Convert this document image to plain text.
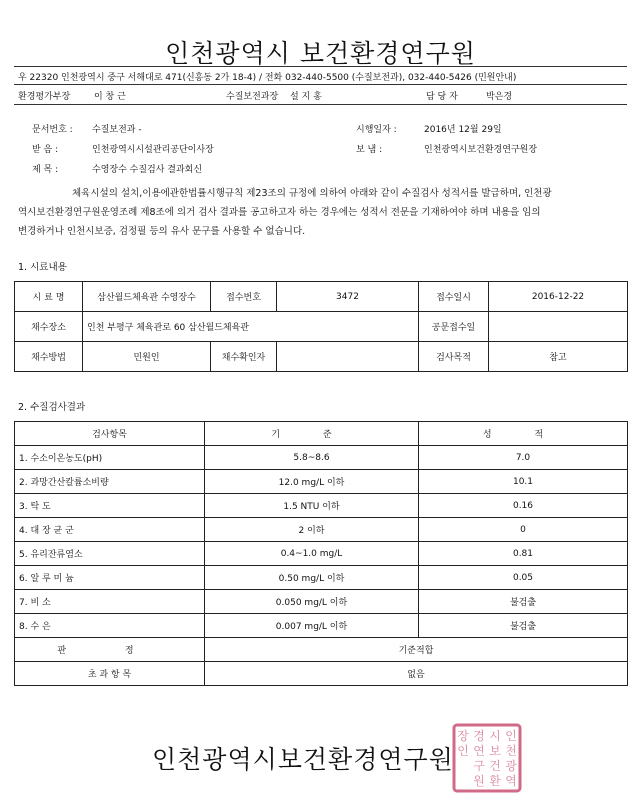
인천광역시 보건환경연구원
우 22320 인천광역시 중구 서해대로 471(신흥동 2가 18-4) / 전화 032-440-5500 (수질보전과), 032-440-5426 (민원안내)
환경평가부장	이 창 근	수질보전과장 설 지 홍	담 당 자	박은경
문서번호 : 수질보전과 -	시행일자 :	2016년 12월 29일
받 음 :	인천광역시시설관리공단이사장	보 냄 :	인천광역시보건환경연구원장
제 목 :	수영장수 수질검사 결과회신
체육시설의 설치,이용에관한법률시행규칙 제23조의 규정에 의하여 아래와 같이 수질검사 성적서를 발급하며, 인천광
역시보건환경연구원운영조례 제8조에 의거 검사 결과를 공고하고자 하는 경우에는 성적서 전문을 기재하여야 하며 내용을 임의
변경하거나 인천시보증, 검정필 등의 유사 문구를 사용할 수 없습니다.
1. 시료내용
시 료 명	삼산월드체육관 수영장수	접수번호	3472	접수일시	2016-12-22
채수장소	인천 부평구 체육관로 60 삼산월드체육관			공문접수일	
채수방법	민원인	채수확인자		검사목적	참고
2. 수질검사결과
검사항목	기 준	성 적
1. 수소이온농도(pH)	5.8~8.6	7.0
2. 과망간산칼륨소비량	12.0 mg/L 이하	10.1
3. 탁 도	1.5 NTU 이하	0.16
4. 대 장 균 군	2 이하	0
5. 유리잔류염소	0.4~1.0 mg/L	0.81
6. 알 루 미 늄	0.50 mg/L 이하	0.05
7. 비 소	0.050 mg/L 이하	불검출
8. 수 은	0.007 mg/L 이하	불검출
판 정	기준적합	
초 과 항 목	없음	
인천광역시보건환경연구원
인
천
광
역
시
보
건
환
경
연
구
원
장
인
